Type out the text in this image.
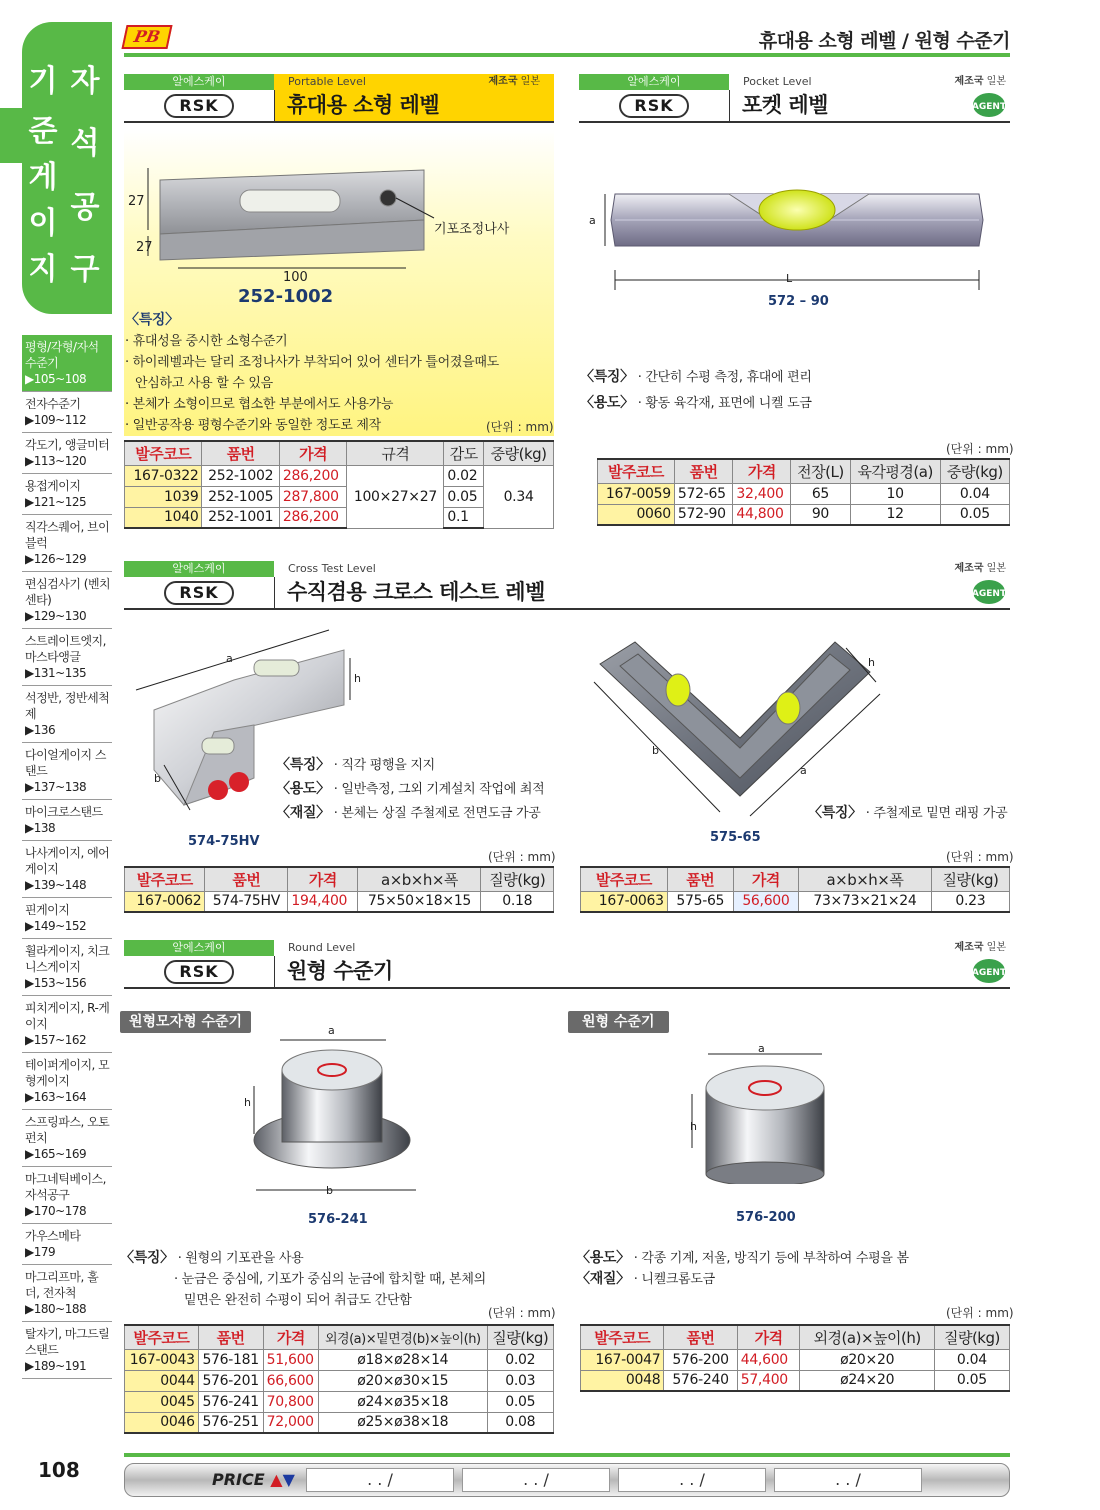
기 자
준 석
게
공
이
구
지
평형/각형/자석 수준기
▶105~108
전자수준기
▶109~112
각도기, 앵글미터
▶113~120
용접게이지
▶121~125
직각스퀘어, 브이블럭
▶126~129
편심검사기 (벤치센타)
▶129~130
스트레이트엣지, 마스타앵글
▶131~135
석정반, 정반세척제
▶136
다이얼게이지 스탠드
▶137~138
마이크로스탠드
▶138
나사게이지, 에어게이지
▶139~148
핀게이지
▶149~152
휠라게이지, 치크니스게이지
▶153~156
피치게이지, R-게이지
▶157~162
테이퍼게이지, 모형게이지
▶163~164
스프링파스, 오토펀치
▶165~169
마그네틱베이스, 자석공구
▶170~178
가우스메타
▶179
마그리프마, 홀더, 전자척
▶180~188
탈자기, 마그드릴스탠드
▶189~191
108
PB	휴대용 소형 레벨 / 원형 수준기
알에스케이	Portable Level	제조국 일본
RSK	휴대용 소형 레벨
27
27
100
기포조정나사
252-1002
〈특징〉
· 휴대성을 중시한 소형수준기
· 하이레벨과는 달리 조정나사가 부착되어 있어 센터가 틀어졌을때도
안심하고 사용 할 수 있음
· 본체가 소형이므로 협소한 부분에서도 사용가능
· 일반공작용 평형수준기와 동일한 정도로 제작	(단위 : mm)
발주코드	품번	가격	규격	감도	중량(kg)
167-0322	252-1002	286,200	100×27×27	0.02	0.34
1039	252-1005	287,800		0.05	
1040	252-1001	286,200		0.1	
알에스케이	Pocket Level	제조국 일본
RSK	포켓 레벨	AGENT
a
L
572 – 90
〈특징〉 · 간단히 수평 측정, 휴대에 편리
〈용도〉 · 황동 육각재, 표면에 니켈 도금
(단위 : mm)
발주코드	품번	가격	전장(L)	육각평경(a)	중량(kg)
167-0059	572-65	32,400	65	10	0.04
0060	572-90	44,800	90	12	0.05
알에스케이	Cross Test Level	제조국 일본
RSK	수직겸용 크로스 테스트 레벨	AGENT
a
h
b
574-75HV
〈특징〉 · 직각 평행을 지지
〈용도〉 · 일반측정, 그외 기계설치 작업에 최적
〈재질〉 · 본체는 상질 주철제로 전면도금 가공
b
a
h
575-65
〈특징〉 · 주철제로 밑면 래핑 가공
(단위 : mm)	(단위 : mm)
발주코드	품번	가격	a×b×h×폭	질량(kg)
167-0062	574-75HV	194,400	75×50×18×15	0.18
발주코드	품번	가격	a×b×h×폭	질량(kg)
167-0063	575-65	56,600	73×73×21×24	0.23
알에스케이	Round Level	제조국 일본
RSK	원형 수준기	AGENT
원형모자형 수준기	원형 수준기
a
h
b
576-241
a
h
576-200
〈특징〉 · 원형의 기포관을 사용
· 눈금은 중심에, 기포가 중심의 눈금에 합치할 때, 본체의
밑면은 완전히 수평이 되어 취급도 간단함
〈용도〉 · 각종 기계, 저울, 방직기 등에 부착하여 수평을 봄
〈재질〉 · 니켈크롬도금
(단위 : mm)	(단위 : mm)
발주코드	품번	가격	외경(a)×밑면경(b)×높이(h)	질량(kg)
167-0043	576-181	51,600	ø18×ø28×14	0.02
0044	576-201	66,600	ø20×ø30×15	0.03
0045	576-241	70,800	ø24×ø35×18	0.05
0046	576-251	72,000	ø25×ø38×18	0.08
발주코드	품번	가격	외경(a)×높이(h)	질량(kg)
167-0047	576-200	44,600	ø20×20	0.04
0048	576-240	57,400	ø24×20	0.05
PRICE ▲▼	. . /	. . /	. . /	. . /
